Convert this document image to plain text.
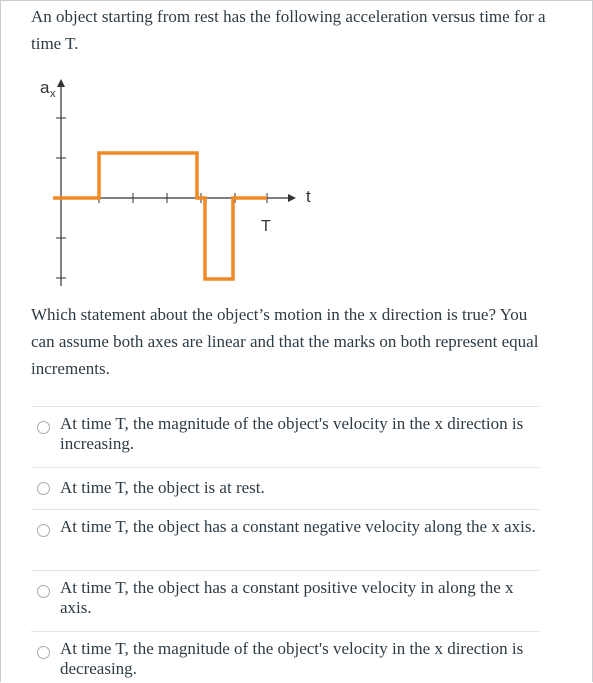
An object starting from rest has the following acceleration versus time for a time T.
a x
t
T
Which statement about the object’s motion in the x direction is true? You can assume both axes are linear and that the marks on both represent equal increments.
At time T, the magnitude of the object's velocity in the x direction is increasing.
At time T, the object is at rest.
At time T, the object has a constant negative velocity along the x axis.
At time T, the object has a constant positive velocity in along the x axis.
At time T, the magnitude of the object's velocity in the x direction is decreasing.
